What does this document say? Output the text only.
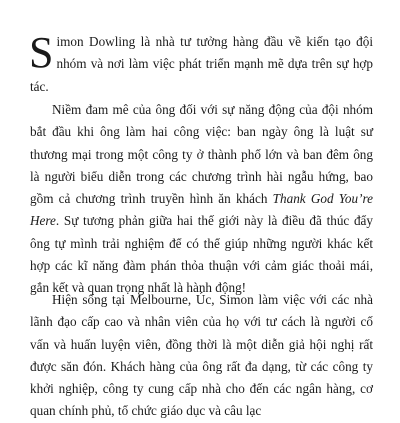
Simon Dowling là nhà tư tưởng hàng đầu về kiến tạo đội nhóm và nơi làm việc phát triển mạnh mẽ dựa trên sự hợp tác.

Niềm đam mê của ông đối với sự năng động của đội nhóm bắt đầu khi ông làm hai công việc: ban ngày ông là luật sư thương mại trong một công ty ở thành phố lớn và ban đêm ông là người biểu diễn trong các chương trình hài ngẫu hứng, bao gồm cả chương trình truyền hình ăn khách Thank God You’re Here. Sự tương phản giữa hai thế giới này là điều đã thúc đẩy ông tự mình trải nghiệm để có thể giúp những người khác kết hợp các kĩ năng đàm phán thỏa thuận với cảm giác thoải mái, gắn kết và quan trọng nhất là hành động!

Hiện sống tại Melbourne, Úc, Simon làm việc với các nhà lãnh đạo cấp cao và nhân viên của họ với tư cách là người cố vấn và huấn luyện viên, đồng thời là một diễn giả hội nghị rất được săn đón. Khách hàng của ông rất đa dạng, từ các công ty khởi nghiệp, công ty cung cấp nhà cho đến các ngân hàng, cơ quan chính phủ, tổ chức giáo dục và câu lạc
